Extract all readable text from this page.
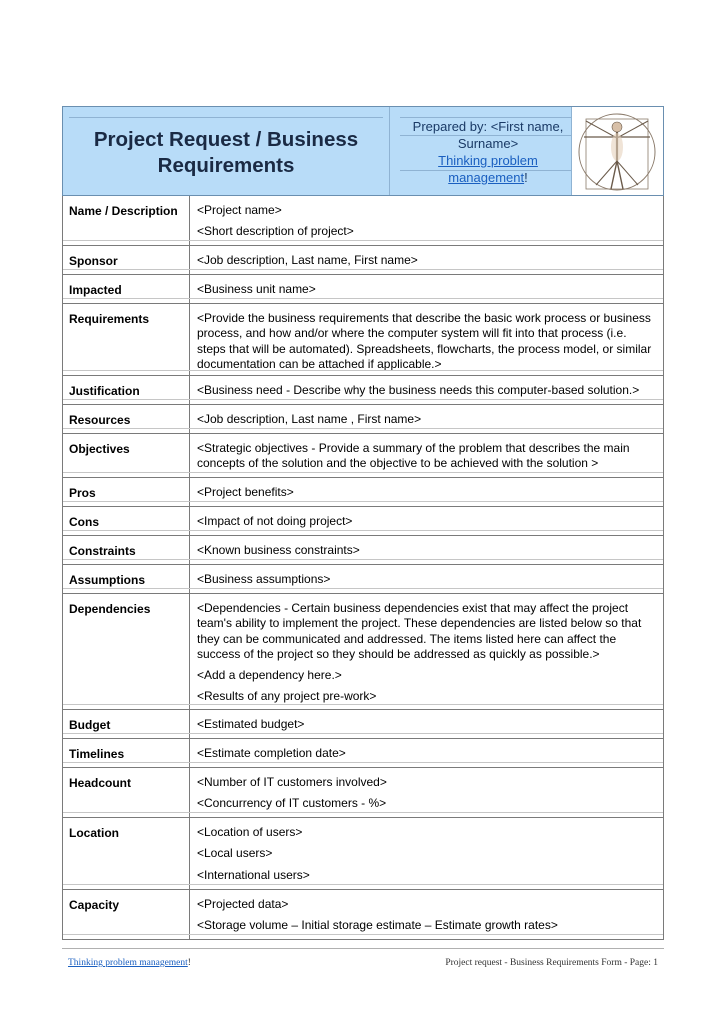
Project Request / Business
Requirements
Prepared by: <First name, Surname>
Thinking problem management!
Name / Description	<Project name>

<Short description of project>

Sponsor	<Job description, Last name, First name>

Impacted	<Business unit name>

Requirements	<Provide the business requirements that describe the basic work process or business process, and how and/or where the computer system will fit into that process (i.e. steps that will be automated). Spreadsheets, flowcharts, the process model, or similar documentation can be attached if applicable.>

Justification	<Business need - Describe why the business needs this computer-based solution.>

Resources	<Job description, Last name , First name>

Objectives	<Strategic objectives - Provide a summary of the problem that describes the main concepts of the solution and the objective to be achieved with the solution >

Pros	<Project benefits>

Cons	<Impact of not doing project>

Constraints	<Known business constraints>

Assumptions	<Business assumptions>

Dependencies	<Dependencies - Certain business dependencies exist that may affect the project team's ability to implement the project. These dependencies are listed below so that they can be communicated and addressed. The items listed here can affect the success of the project so they should be addressed as quickly as possible.>

<Add a dependency here.>

<Results of any project pre-work>

Budget	<Estimated budget>

Timelines	<Estimate completion date>

Headcount	<Number of IT customers involved>

<Concurrency of IT customers - %>

Location	<Location of users>

<Local users>

<International users>

Capacity	<Projected data>

<Storage volume – Initial storage estimate – Estimate growth rates>

Thinking problem management!	Project request - Business Requirements Form - Page: 1
